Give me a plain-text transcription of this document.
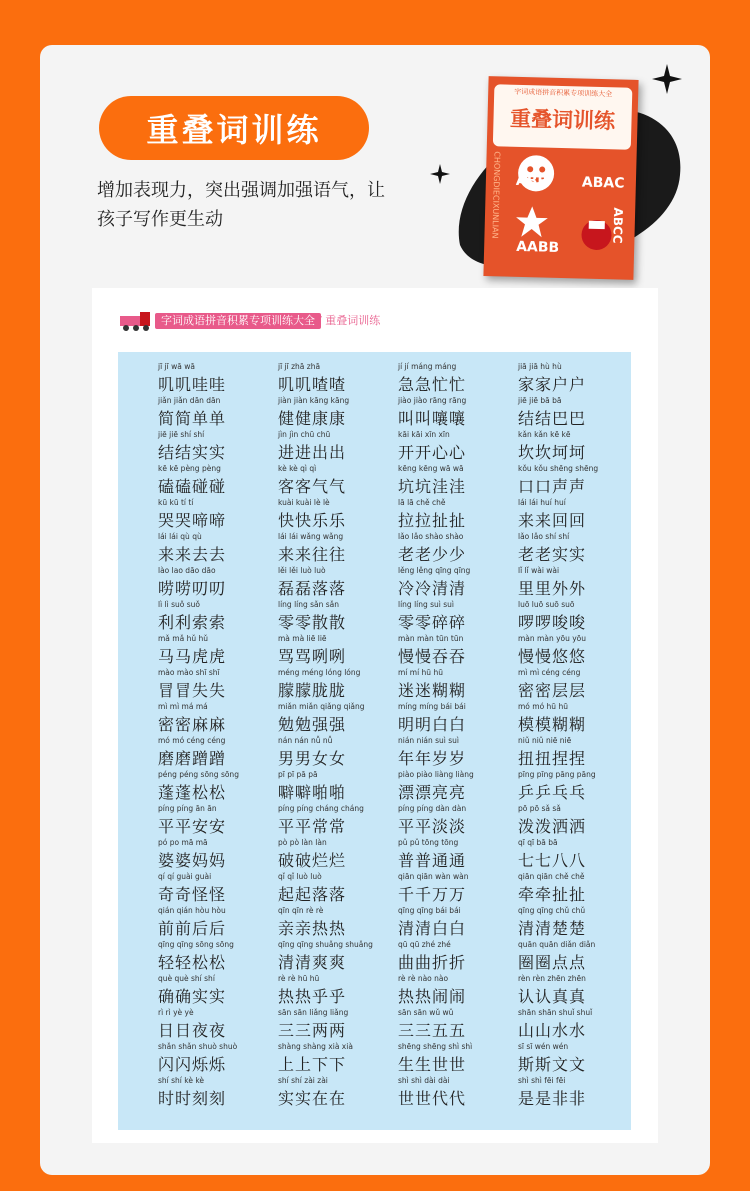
重叠词训练
增加表现力，突出强调加强语气，让孩子写作更生动
字词成语拼音积累专项训练大全
重叠词训练
CHONGDIECIXUNLIAN ABB ABAC
AABB
ABCC
字词成语拼音积累专项训练大全 / 重叠词训练
jī jī wā wā
叽叽哇哇
jī jī zhā zhā
叽叽喳喳
jí jí máng máng
急急忙忙
jiā jiā hù hù
家家户户
jiǎn jiǎn dān dān
简简单单
jiàn jiàn kāng kāng
健健康康
jiào jiào rāng rāng
叫叫嚷嚷
jiē jiē bā bā
结结巴巴
jiē jiē shí shí
结结实实
jìn jìn chū chū
进进出出
kāi kāi xīn xīn
开开心心
kǎn kǎn kē kē
坎坎坷坷
kē kē pèng pèng
磕磕碰碰
kè kè qì qì
客客气气
kēng kēng wā wā
坑坑洼洼
kǒu kǒu shēng shēng
口口声声
kū kū tí tí
哭哭啼啼
kuài kuài lè lè
快快乐乐
lā lā chě chě
拉拉扯扯
lái lái huí huí
来来回回
lái lái qù qù
来来去去
lái lái wǎng wǎng
来来往往
lǎo lǎo shào shào
老老少少
lǎo lǎo shí shí
老老实实
lào lao dāo dāo
唠唠叨叨
lěi lěi luò luò
磊磊落落
lěng lěng qīng qīng
冷冷清清
lǐ lǐ wài wài
里里外外
lì lì suǒ suǒ
利利索索
líng líng sǎn sǎn
零零散散
líng líng suì suì
零零碎碎
luō luō suō suō
啰啰唆唆
mǎ mǎ hǔ hǔ
马马虎虎
mà mà liē liē
骂骂咧咧
màn màn tūn tūn
慢慢吞吞
màn màn yōu yōu
慢慢悠悠
mào mào shī shī
冒冒失失
méng méng lóng lóng
朦朦胧胧
mí mí hū hū
迷迷糊糊
mì mì céng céng
密密层层
mì mì má má
密密麻麻
miǎn miǎn qiǎng qiǎng
勉勉强强
míng míng bái bái
明明白白
mó mó hū hū
模模糊糊
mó mó céng céng
磨磨蹭蹭
nán nán nǚ nǚ
男男女女
nián nián suì suì
年年岁岁
niǔ niǔ niē niē
扭扭捏捏
péng péng sōng sōng
蓬蓬松松
pī pī pā pā
噼噼啪啪
piào piào liàng liàng
漂漂亮亮
pīng pīng pāng pāng
乒乒乓乓
píng píng ān ān
平平安安
píng píng cháng cháng
平平常常
píng píng dàn dàn
平平淡淡
pō pō sǎ sǎ
泼泼洒洒
pó po mā mā
婆婆妈妈
pò pò làn làn
破破烂烂
pǔ pǔ tōng tōng
普普通通
qī qī bā bā
七七八八
qí qí guài guài
奇奇怪怪
qǐ qǐ luò luò
起起落落
qiān qiān wàn wàn
千千万万
qiān qiān chě chě
牵牵扯扯
qián qián hòu hòu
前前后后
qīn qīn rè rè
亲亲热热
qīng qīng bái bái
清清白白
qīng qīng chǔ chǔ
清清楚楚
qīng qīng sōng sōng
轻轻松松
qīng qīng shuǎng shuǎng
清清爽爽
qū qū zhé zhé
曲曲折折
quān quān diǎn diǎn
圈圈点点
què què shí shí
确确实实
rè rè hū hū
热热乎乎
rè rè nào nào
热热闹闹
rèn rèn zhēn zhēn
认认真真
rì rì yè yè
日日夜夜
sān sān liǎng liǎng
三三两两
sān sān wǔ wǔ
三三五五
shān shān shuǐ shuǐ
山山水水
shǎn shǎn shuò shuò
闪闪烁烁
shàng shàng xià xià
上上下下
shēng shēng shì shì
生生世世
sī sī wén wén
斯斯文文
shí shí kè kè
时时刻刻
shí shí zài zài
实实在在
shì shì dài dài
世世代代
shì shì fēi fēi
是是非非
